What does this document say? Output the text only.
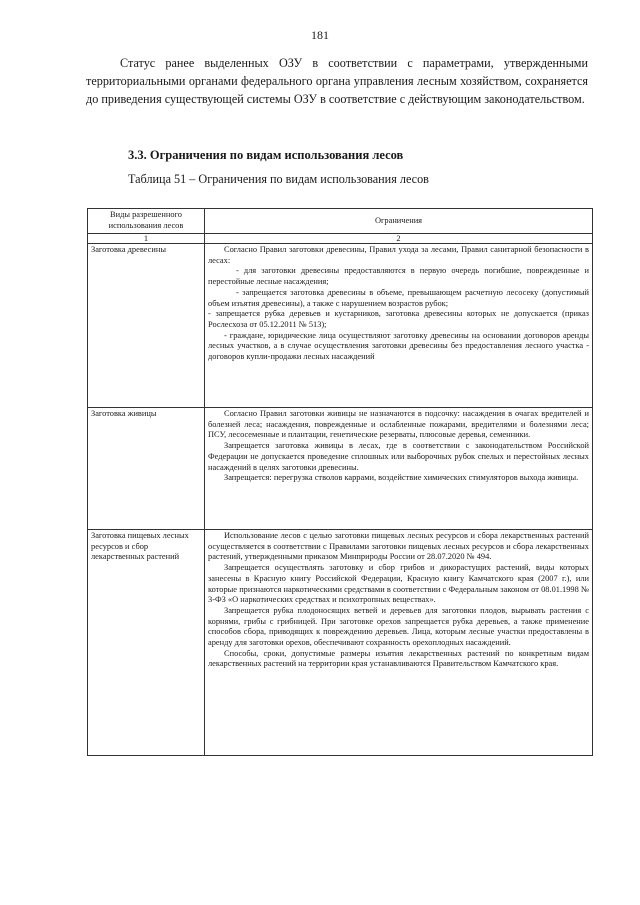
181

Статус ранее выделенных ОЗУ в соответствии с параметрами, утвержденными территориальными органами федерального органа управления лесным хозяйством, сохраняется до приведения существующей системы ОЗУ в соответствие с действующим законодательством.

3.3. Ограничения по видам использования лесов
Таблица 51 – Ограничения по видам использования лесов
Виды разрешенного использования лесов	Ограничения
1	2
Заготовка древесины	Согласно Правил заготовки древесины, Правил ухода за лесами, Правил санитарной безопасности в лесах:

- для заготовки древесины предоставляются в первую очередь погибшие, поврежденные и перестойные лесные насаждения;

- запрещается заготовка древесины в объеме, превышающем расчетную лесосеку (допустимый объем изъятия древесины), а также с нарушением возрастов рубок;

- запрещается рубка деревьев и кустарников, заготовка древесины которых не допускается (приказ Рослесхоза от 05.12.2011 № 513);

- граждане, юридические лица осуществляют заготовку древесины на основании договоров аренды лесных участков, а в случае осуществления заготовки древесины без предоставления лесного участка - договоров купли-продажи лесных насаждений

Заготовка живицы	Согласно Правил заготовки живицы не назначаются в подсочку: насаждения в очагах вредителей и болезней леса; насаждения, поврежденные и ослабленные пожарами, вредителями и болезнями леса; ПСУ, лесосеменные и плантации, генетические резерваты, плюсовые деревья, семенники.

Запрещается заготовка живицы в лесах, где в соответствии с законодательством Российской Федерации не допускается проведение сплошных или выборочных рубок спелых и перестойных лесных насаждений в целях заготовки древесины.

Запрещается: перегрузка стволов каррами, воздействие химических стимуляторов выхода живицы.

Заготовка пищевых лесных ресурсов и сбор лекарственных растений	Использование лесов с целью заготовки пищевых лесных ресурсов и сбора лекарственных растений осуществляется в соответствии с Правилами заготовки пищевых лесных ресурсов и сбора лекарственных растений, утвержденными приказом Минприроды России от 28.07.2020 № 494.

Запрещается осуществлять заготовку и сбор грибов и дикорастущих растений, виды которых занесены в Красную книгу Российской Федерации, Красную книгу Камчатского края (2007 г.), или которые признаются наркотическими средствами в соответствии с Федеральным законом от 08.01.1998 № 3-ФЗ «О наркотических средствах и психотропных веществах».

Запрещается рубка плодоносящих ветвей и деревьев для заготовки плодов, вырывать растения с корнями, грибы с грибницей. При заготовке орехов запрещается рубка деревьев, а также применение способов сбора, приводящих к повреждению деревьев. Лица, которым лесные участки предоставлены в аренду для заготовки орехов, обеспечивают сохранность орехоплодных насаждений.

Способы, сроки, допустимые размеры изъятия лекарственных растений по конкретным видам лекарственных растений на территории края устанавливаются Правительством Камчатского края.
